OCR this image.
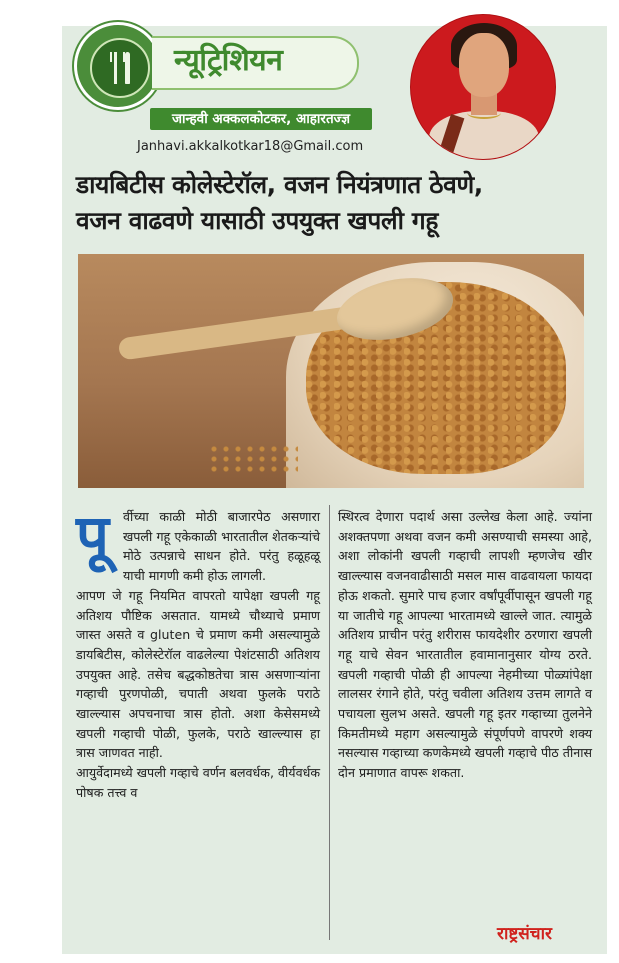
न्यूट्रिशियन
जान्हवी अक्कलकोटकर, आहारतज्ज्ञ
Janhavi.akkalkotkar18@Gmail.com
डायबिटीस कोलेस्टेरॉल, वजन नियंत्रणात ठेवणे,
वजन वाढवणे यासाठी उपयुक्त खपली गहू
पू	र्वीच्या काळी मोठी बाजारपेठ असणारा खपली गहू एकेकाळी भारतातील शेतकऱ्यांचे मोठे उत्पन्नाचे साधन होते. परंतु हळूहळू याची मागणी कमी होऊ लागली.

आपण जे गहू नियमित वापरतो यापेक्षा खपली गहू अतिशय पौष्टिक असतात. यामध्ये चौथ्याचे प्रमाण जास्त असते व gluten चे प्रमाण कमी असल्यामुळे डायबिटीस, कोलेस्टेरॉल वाढलेल्या पेशंटसाठी अतिशय उपयुक्त आहे. तसेच बद्धकोष्ठतेचा त्रास असणाऱ्यांना गव्हाची पुरणपोळी, चपाती अथवा फुलके पराठे खाल्ल्यास अपचनाचा त्रास होतो. अशा केसेसमध्ये खपली गव्हाची पोळी, फुलके, पराठे खाल्ल्यास हा त्रास जाणवत नाही.

आयुर्वेदामध्ये खपली गव्हाचे वर्णन बलवर्धक, वीर्यवर्धक पोषक तत्त्व व

स्थिरत्व देणारा पदार्थ असा उल्लेख केला आहे. ज्यांना अशक्तपणा अथवा वजन कमी असण्याची समस्या आहे, अशा लोकांनी खपली गव्हाची लापशी म्हणजेच खीर खाल्ल्यास वजनवाढीसाठी मसल मास वाढवायला फायदा होऊ शकतो. सुमारे पाच हजार वर्षांपूर्वीपासून खपली गहू या जातीचे गहू आपल्या भारतामध्ये खाल्ले जात. त्यामुळे अतिशय प्राचीन परंतु शरीरास फायदेशीर ठरणारा खपली गहू याचे सेवन भारतातील हवामानानुसार योग्य ठरते. खपली गव्हाची पोळी ही आपल्या नेहमीच्या पोळ्यांपेक्षा लालसर रंगाने होते, परंतु चवीला अतिशय उत्तम लागते व पचायला सुलभ असते. खपली गहू इतर गव्हाच्या तुलनेने किमतीमध्ये महाग असल्यामुळे संपूर्णपणे वापरणे शक्य नसल्यास गव्हाच्या कणकेमध्ये खपली गव्हाचे पीठ तीनास दोन प्रमाणात वापरू शकता.

राष्ट्रसंचार
